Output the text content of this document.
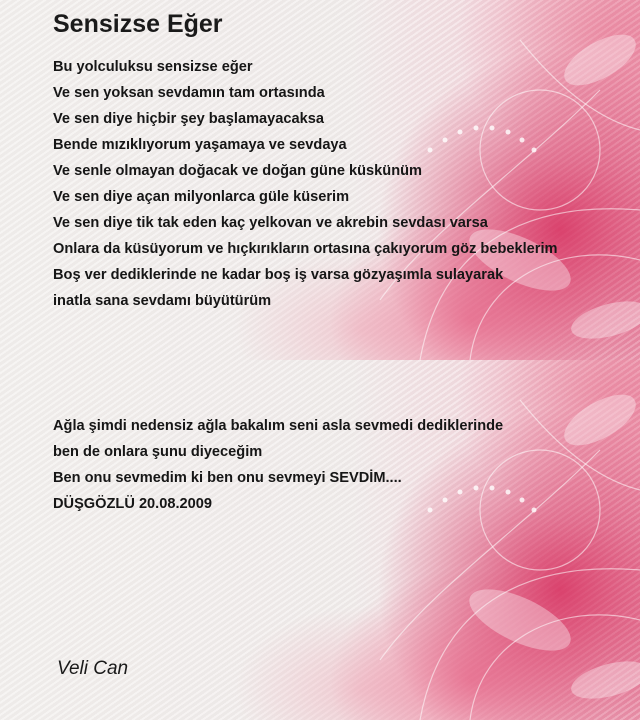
Sensizse Eğer
Bu yolculuksu sensizse eğer
Ve sen yoksan sevdamın tam ortasında
Ve sen diye hiçbir şey başlamayacaksa
Bende mızıklıyorum yaşamaya ve sevdaya
Ve senle olmayan doğacak ve doğan güne küskünüm
Ve sen diye açan milyonlarca güle küserim
Ve sen diye tik tak eden kaç yelkovan ve akrebin sevdası varsa
Onlara da küsüyorum ve hıçkırıkların ortasına çakıyorum göz bebeklerim
Boş ver dediklerinde ne kadar boş iş varsa gözyaşımla sulayarak
inatla sana sevdamı büyütürüm
Ağla şimdi nedensiz ağla bakalım seni asla sevmedi dediklerinde
ben de onlara şunu diyeceğim
Ben onu sevmedim ki ben onu sevmeyi SEVDİM....
DÜŞGÖZLÜ 20.08.2009
Veli Can
